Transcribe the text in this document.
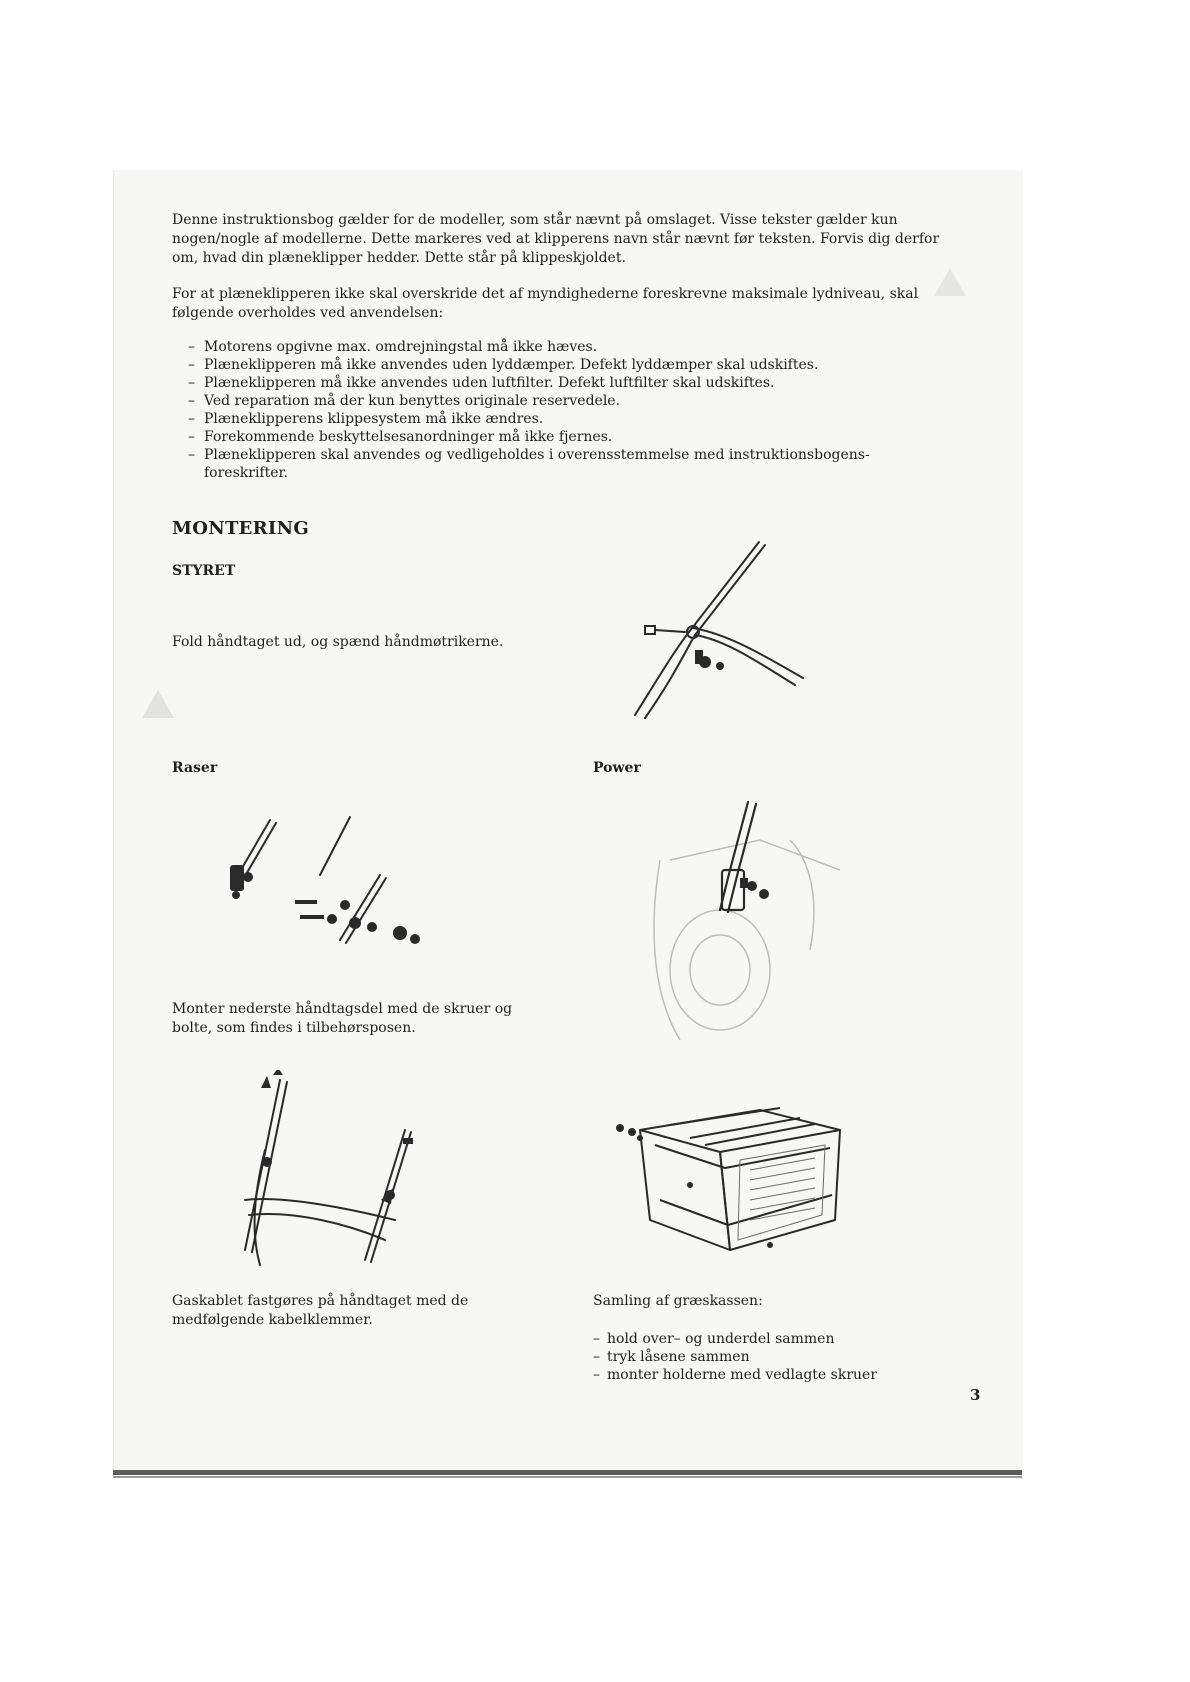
Denne instruktionsbog gælder for de modeller, som står nævnt på omslaget. Visse tekster gælder kun nogen/nogle af modellerne. Dette markeres ved at klipperens navn står nævnt før teksten. Forvis dig derfor om, hvad din plæneklipper hedder. Dette står på klippeskjoldet.

For at plæneklipperen ikke skal overskride det af myndighederne foreskrevne maksimale lydniveau, skal følgende overholdes ved anvendelsen:

– Motorens opgivne max. omdrejningstal må ikke hæves.
– Plæneklipperen må ikke anvendes uden lyddæmper. Defekt lyddæmper skal udskiftes.
– Plæneklipperen må ikke anvendes uden luftfilter. Defekt luftfilter skal udskiftes.
– Ved reparation må der kun benyttes originale reservedele.
– Plæneklipperens klippesystem må ikke ændres.
– Forekommende beskyttelsesanordninger må ikke fjernes.
– Plæneklipperen skal anvendes og vedligeholdes i overensstemmelse med instruktionsbogens-foreskrifter.
MONTERING
STYRET

Fold håndtaget ud, og spænd håndmøtrikerne.

Raser	Power

Monter nederste håndtagsdel med de skruer og bolte, som findes i tilbehørsposen.

Gaskablet fastgøres på håndtaget med de medfølgende kabelklemmer.

Samling af græskassen:

– hold over– og underdel sammen
– tryk låsene sammen
– monter holderne med vedlagte skruer
3
